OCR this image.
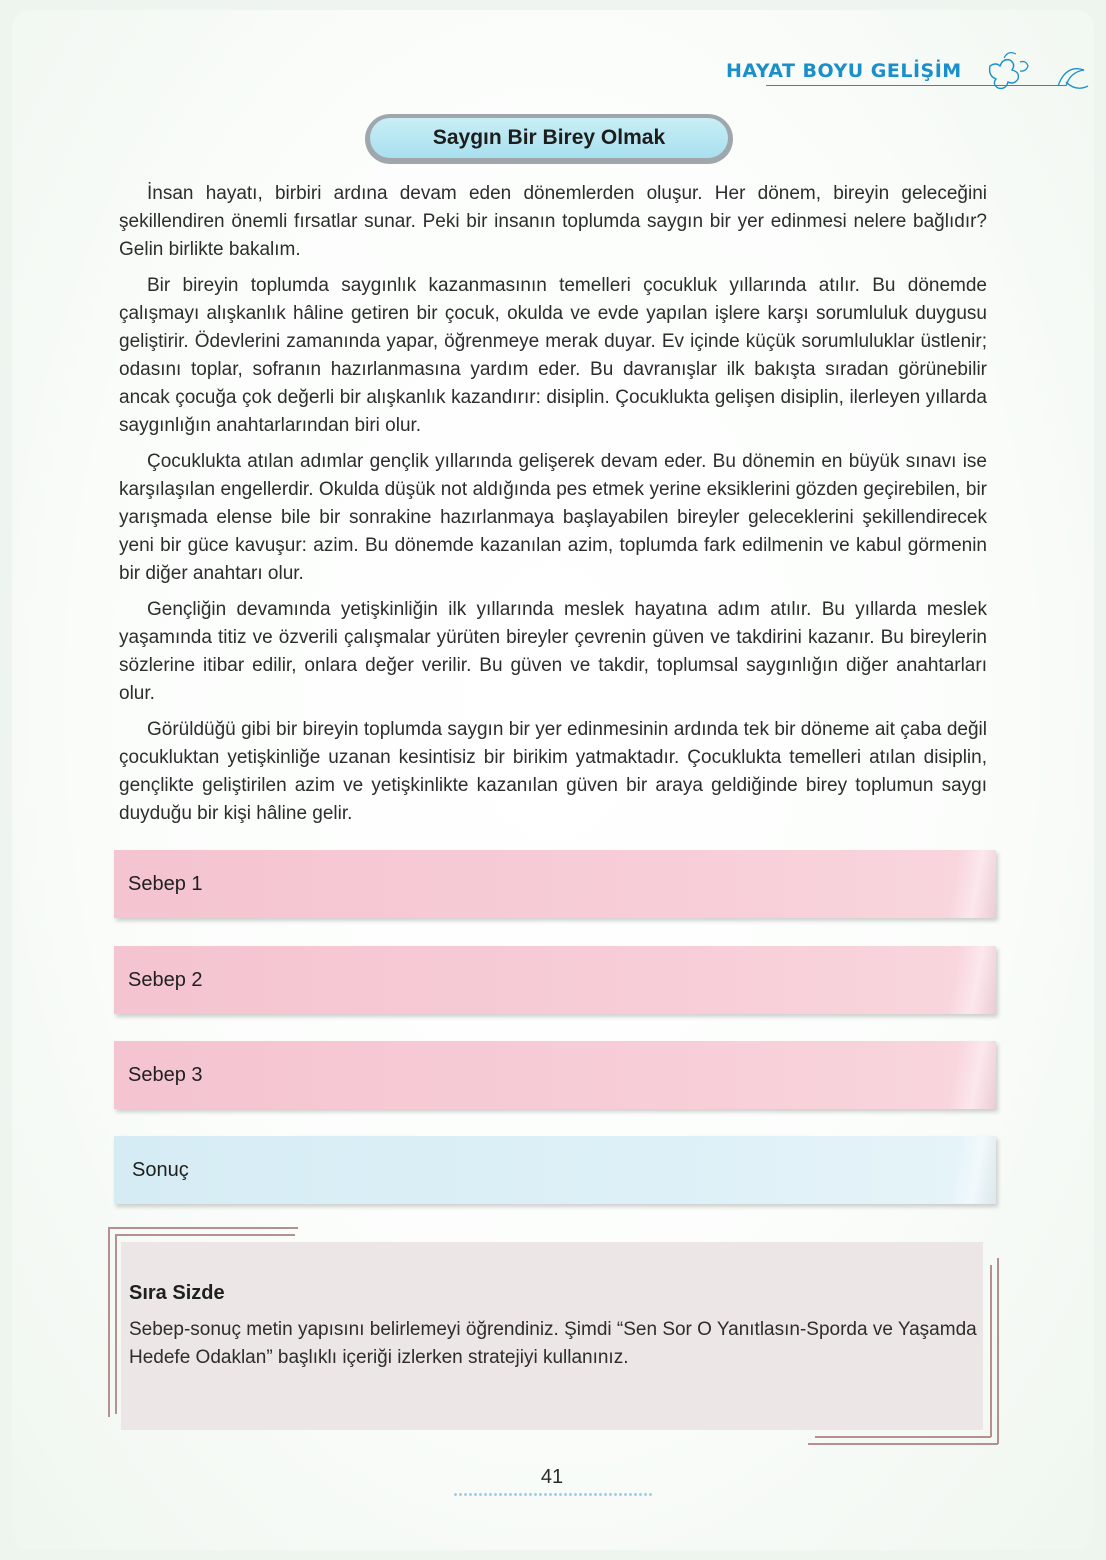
HAYAT BOYU GELİŞİM
Saygın Bir Birey Olmak

İnsan hayatı, birbiri ardına devam eden dönemlerden oluşur. Her dönem, bireyin geleceğini şekillendiren önemli fırsatlar sunar. Peki bir insanın toplumda saygın bir yer edinmesi nelere bağlıdır? Gelin birlikte bakalım.

Bir bireyin toplumda saygınlık kazanmasının temelleri çocukluk yıllarında atılır. Bu dönemde çalışmayı alışkanlık hâline getiren bir çocuk, okulda ve evde yapılan işlere karşı sorumluluk duygusu geliştirir. Ödevlerini zamanında yapar, öğrenmeye merak duyar. Ev içinde küçük sorumluluklar üstlenir; odasını toplar, sofranın hazırlanmasına yardım eder. Bu davranışlar ilk bakışta sıradan görünebilir ancak çocuğa çok değerli bir alışkanlık kazandırır: disiplin. Çocuklukta gelişen disiplin, ilerleyen yıllarda saygınlığın anahtarlarından biri olur.

Çocuklukta atılan adımlar gençlik yıllarında gelişerek devam eder. Bu dönemin en büyük sınavı ise karşılaşılan engellerdir. Okulda düşük not aldığında pes etmek yerine eksiklerini gözden geçirebilen, bir yarışmada elense bile bir sonrakine hazırlanmaya başlayabilen bireyler geleceklerini şekillendirecek yeni bir güce kavuşur: azim. Bu dönemde kazanılan azim, toplumda fark edilmenin ve kabul görmenin bir diğer anahtarı olur.

Gençliğin devamında yetişkinliğin ilk yıllarında meslek hayatına adım atılır. Bu yıllarda meslek yaşamında titiz ve özverili çalışmalar yürüten bireyler çevrenin güven ve takdirini kazanır. Bu bireylerin sözlerine itibar edilir, onlara değer verilir. Bu güven ve takdir, toplumsal saygınlığın diğer anahtarları olur.

Görüldüğü gibi bir bireyin toplumda saygın bir yer edinmesinin ardında tek bir döneme ait çaba değil çocukluktan yetişkinliğe uzanan kesintisiz bir birikim yatmaktadır. Çocuklukta temelleri atılan disiplin, gençlikte geliştirilen azim ve yetişkinlikte kazanılan güven bir araya geldiğinde birey toplumun saygı duyduğu bir kişi hâline gelir.

Sebep 1
Sebep 2
Sebep 3
Sonuç
Sıra Sizde
Sebep-sonuç metin yapısını belirlemeyi öğrendiniz. Şimdi “Sen Sor O Yanıtlasın-Sporda ve Yaşamda Hedefe Odaklan” başlıklı içeriği izlerken stratejiyi kullanınız.
41
